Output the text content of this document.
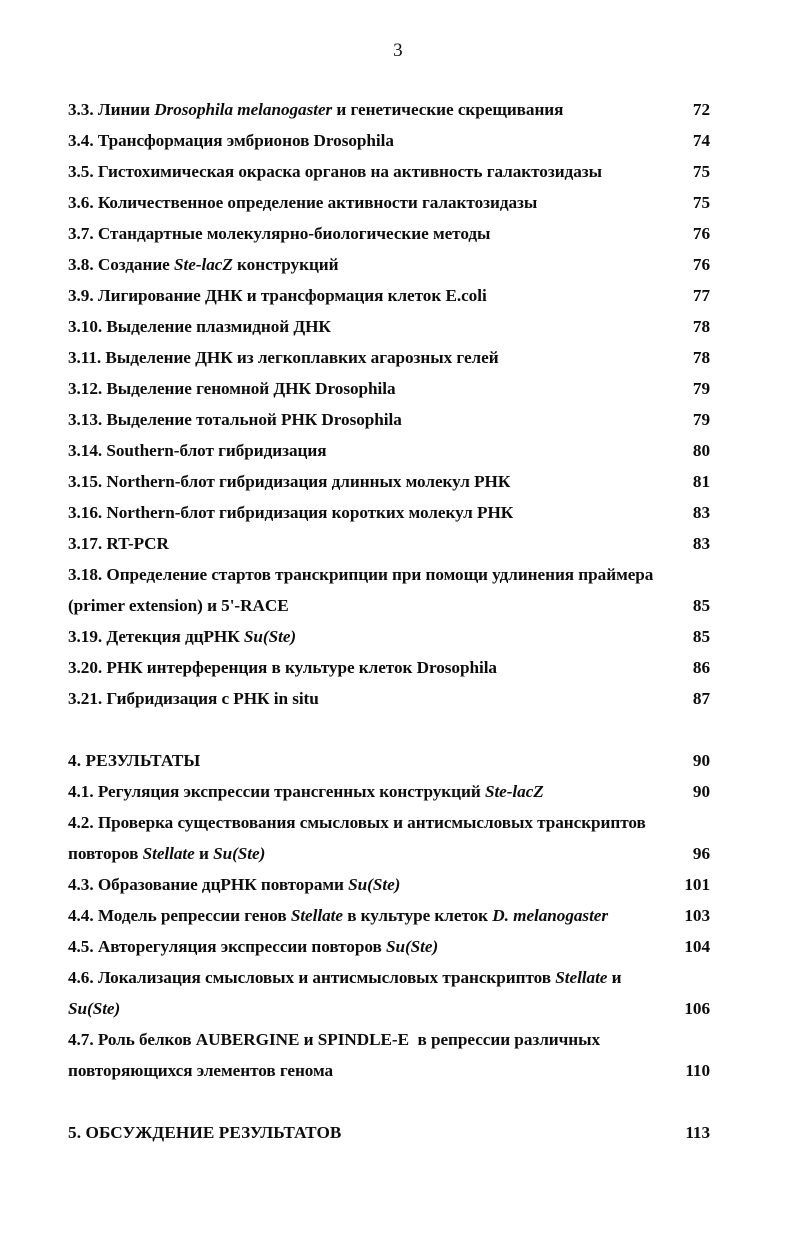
3
3.3. Линии Drosophila melanogaster и генетические скрещивания	72
3.4. Трансформация эмбрионов Drosophila	74
3.5. Гистохимическая окраска органов на активность галактозидазы	75
3.6. Количественное определение активности галактозидазы	75
3.7. Стандартные молекулярно-биологические методы	76
3.8. Создание Ste-lacZ конструкций	76
3.9. Лигирование ДНК и трансформация клеток E.coli	77
3.10. Выделение плазмидной ДНК	78
3.11. Выделение ДНК из легкоплавких агарозных гелей	78
3.12. Выделение геномной ДНК Drosophila	79
3.13. Выделение тотальной РНК Drosophila	79
3.14. Southern-блот гибридизация	80
3.15. Northern-блот гибридизация длинных молекул РНК	81
3.16. Northern-блот гибридизация коротких молекул РНК	83
3.17. RT-PCR	83
3.18. Определение стартов транскрипции при помощи удлинения праймера
(primer extension) и 5'-RACE	85
3.19. Детекция дцРНК Su(Ste)	85
3.20. РНК интерференция в культуре клеток Drosophila	86
3.21. Гибридизация с РНК in situ	87
4. РЕЗУЛЬТАТЫ	90
4.1. Регуляция экспрессии трансгенных конструкций Ste-lacZ	90
4.2. Проверка существования смысловых и антисмысловых транскриптов
повторов Stellate и Su(Ste)	96
4.3. Образование дцРНК повторами Su(Ste)	101
4.4. Модель репрессии генов Stellate в культуре клеток D. melanogaster	103
4.5. Авторегуляция экспрессии повторов Su(Ste)	104
4.6. Локализация смысловых и антисмысловых транскриптов Stellate и
Su(Ste)	106
4.7. Роль белков AUBERGINE и SPINDLE-E  в репрессии различных
повторяющихся элементов генома	110
5. ОБСУЖДЕНИЕ РЕЗУЛЬТАТОВ	113
